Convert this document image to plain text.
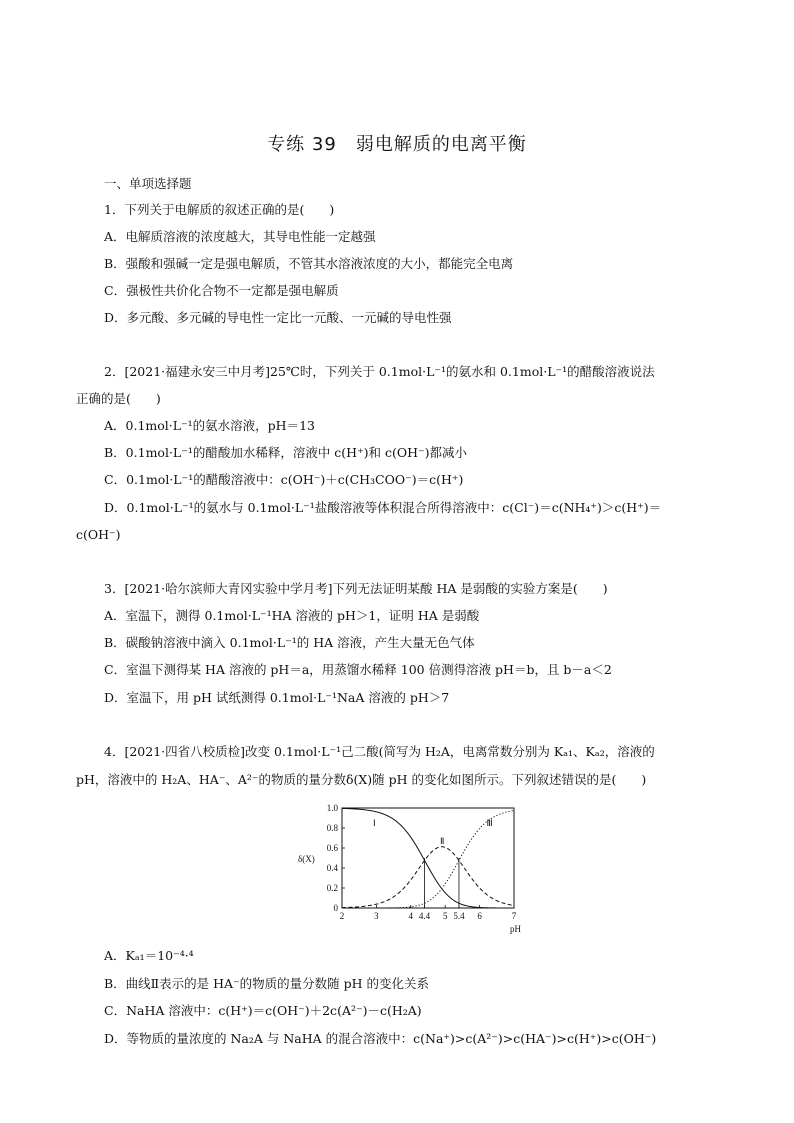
专练 39　弱电解质的电离平衡
一、单项选择题
1．下列关于电解质的叙述正确的是(　　)
A．电解质溶液的浓度越大，其导电性能一定越强
B．强酸和强碱一定是强电解质，不管其水溶液浓度的大小，都能完全电离
C．强极性共价化合物不一定都是强电解质
D．多元酸、多元碱的导电性一定比一元酸、一元碱的导电性强
2．[2021·福建永安三中月考]25℃时，下列关于 0.1mol·L⁻¹的氨水和 0.1mol·L⁻¹的醋酸溶液说法
正确的是(　　)
A．0.1mol·L⁻¹的氨水溶液，pH＝13
B．0.1mol·L⁻¹的醋酸加水稀释，溶液中 c(H⁺)和 c(OH⁻)都减小
C．0.1mol·L⁻¹的醋酸溶液中：c(OH⁻)＋c(CH₃COO⁻)＝c(H⁺)
D．0.1mol·L⁻¹的氨水与 0.1mol·L⁻¹盐酸溶液等体积混合所得溶液中：c(Cl⁻)＝c(NH₄⁺)＞c(H⁺)＝
c(OH⁻)
3．[2021·哈尔滨师大青冈实验中学月考]下列无法证明某酸 HA 是弱酸的实验方案是(　　)
A．室温下，测得 0.1mol·L⁻¹HA 溶液的 pH＞1，证明 HA 是弱酸
B．碳酸钠溶液中滴入 0.1mol·L⁻¹的 HA 溶液，产生大量无色气体
C．室温下测得某 HA 溶液的 pH＝a，用蒸馏水稀释 100 倍测得溶液 pH＝b，且 b－a＜2
D．室温下，用 pH 试纸测得 0.1mol·L⁻¹NaA 溶液的 pH＞7
4．[2021·四省八校质检]改变 0.1mol·L⁻¹己二酸(简写为 H₂A，电离常数分别为 Kₐ₁、Kₐ₂，溶液的
pH，溶液中的 H₂A、HA⁻、A²⁻的物质的量分数δ(X)随 pH 的变化如图所示。下列叙述错误的是(　　)
δ(X)
pH
2	3	4 4.4 5 5.4 6	7
0
0.2
0.4
0.6
0.8
1.0
Ⅰ
Ⅱ
Ⅲ
A．Kₐ₁＝10⁻⁴·⁴
B．曲线Ⅱ表示的是 HA⁻的物质的量分数随 pH 的变化关系
C．NaHA 溶液中：c(H⁺)＝c(OH⁻)＋2c(A²⁻)－c(H₂A)
D．等物质的量浓度的 Na₂A 与 NaHA 的混合溶液中：c(Na⁺)>c(A²⁻)>c(HA⁻)>c(H⁺)>c(OH⁻)
